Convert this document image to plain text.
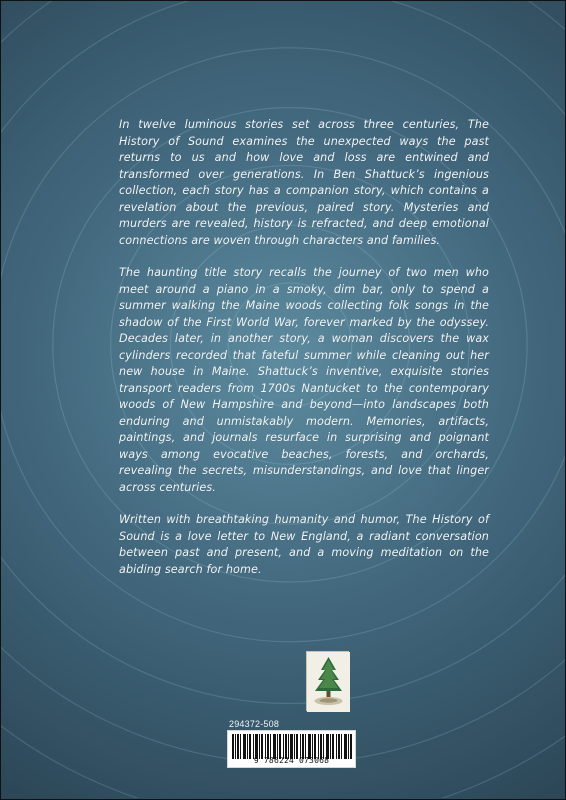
In twelve luminous stories set across three centuries, The History of Sound examines the unexpected ways the past returns to us and how love and loss are entwined and transformed over generations. In Ben Shattuck’s ingenious collection, each story has a companion story, which contains a revelation about the previous, paired story. Mysteries and murders are revealed, history is refracted, and deep emotional connections are woven through characters and families.

The haunting title story recalls the journey of two men who meet around a piano in a smoky, dim bar, only to spend a summer walking the Maine woods collecting folk songs in the shadow of the First World War, forever marked by the odyssey. Decades later, in another story, a woman discovers the wax cylinders recorded that fateful summer while cleaning out her new house in Maine. Shattuck’s inventive, exquisite stories transport readers from 1700s Nantucket to the contemporary woods of New Hampshire and beyond—into landscapes both enduring and unmistakably modern. Memories, artifacts, paintings, and journals resurface in surprising and poignant ways among evocative beaches, forests, and orchards, revealing the secrets, misunderstandings, and love that linger across centuries.

Written with breathtaking humanity and humor, The History of Sound is a love letter to New England, a radiant conversation between past and present, and a moving meditation on the abiding search for home.

294372-508
9 786224 073068
